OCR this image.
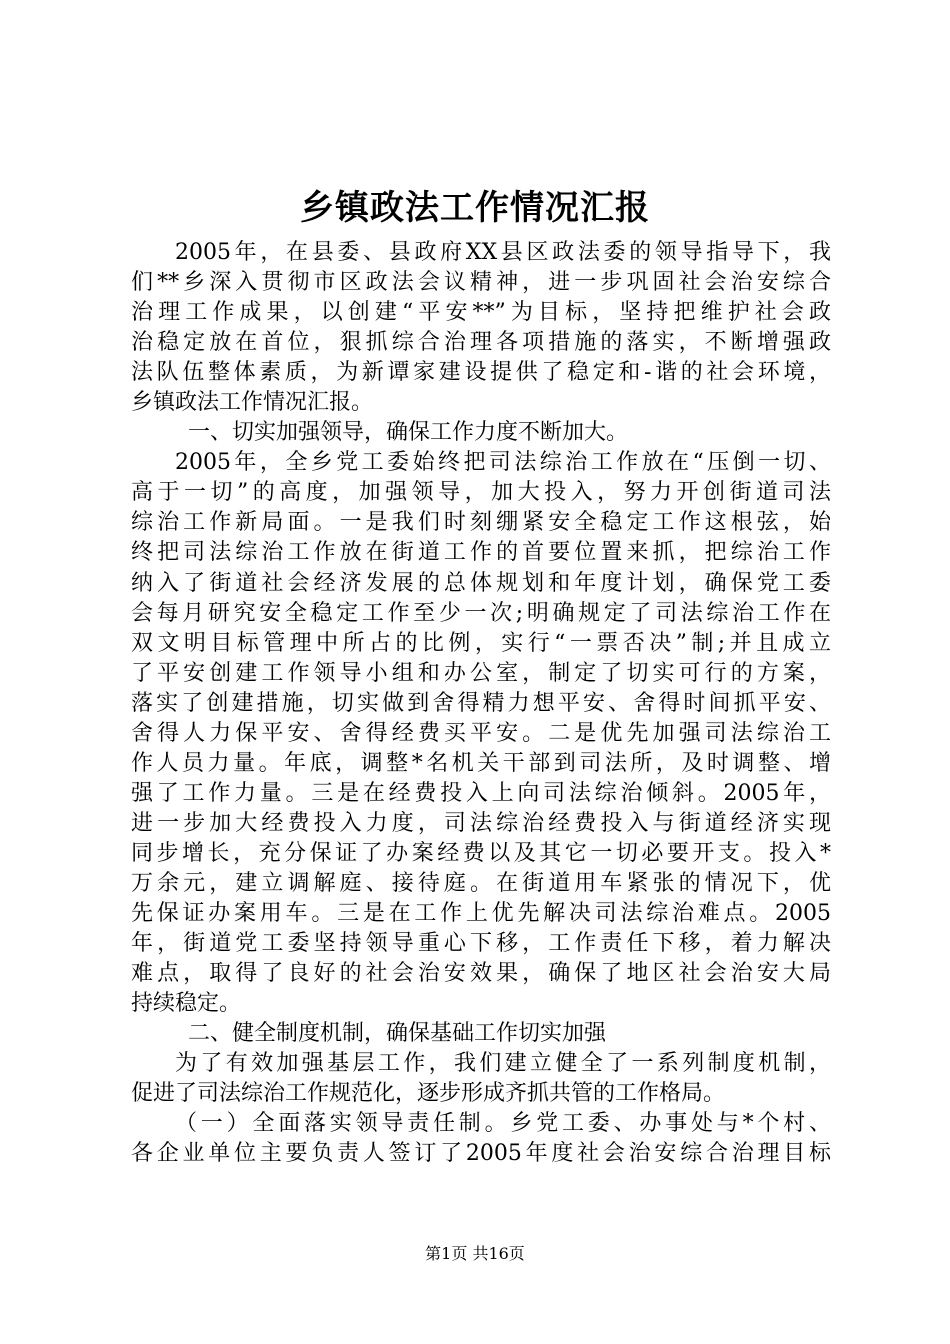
乡镇政法工作情况汇报
2005年，在县委、县政府XX县区政法委的领导指导下，我
们**乡深入贯彻市区政法会议精神，进一步巩固社会治安综合
治理工作成果，以创建“平安**”为目标，坚持把维护社会政
治稳定放在首位，狠抓综合治理各项措施的落实，不断增强政
法队伍整体素质，为新谭家建设提供了稳定和-谐的社会环境，
乡镇政法工作情况汇报。
一、切实加强领导，确保工作力度不断加大。
2005年，全乡党工委始终把司法综治工作放在“压倒一切、
高于一切”的高度，加强领导，加大投入，努力开创街道司法
综治工作新局面。一是我们时刻绷紧安全稳定工作这根弦，始
终把司法综治工作放在街道工作的首要位置来抓，把综治工作
纳入了街道社会经济发展的总体规划和年度计划，确保党工委
会每月研究安全稳定工作至少一次;明确规定了司法综治工作在
双文明目标管理中所占的比例，实行“一票否决”制;并且成立
了平安创建工作领导小组和办公室，制定了切实可行的方案，
落实了创建措施，切实做到舍得精力想平安、舍得时间抓平安、
舍得人力保平安、舍得经费买平安。二是优先加强司法综治工
作人员力量。年底，调整*名机关干部到司法所，及时调整、增
强了工作力量。三是在经费投入上向司法综治倾斜。2005年，
进一步加大经费投入力度，司法综治经费投入与街道经济实现
同步增长，充分保证了办案经费以及其它一切必要开支。投入*
万余元，建立调解庭、接待庭。在街道用车紧张的情况下，优
先保证办案用车。三是在工作上优先解决司法综治难点。2005
年，街道党工委坚持领导重心下移，工作责任下移，着力解决
难点，取得了良好的社会治安效果，确保了地区社会治安大局
持续稳定。
二、健全制度机制，确保基础工作切实加强
为了有效加强基层工作，我们建立健全了一系列制度机制，
促进了司法综治工作规范化，逐步形成齐抓共管的工作格局。
（一）全面落实领导责任制。乡党工委、办事处与*个村、
各企业单位主要负责人签订了2005年度社会治安综合治理目标
第1页 共16页
